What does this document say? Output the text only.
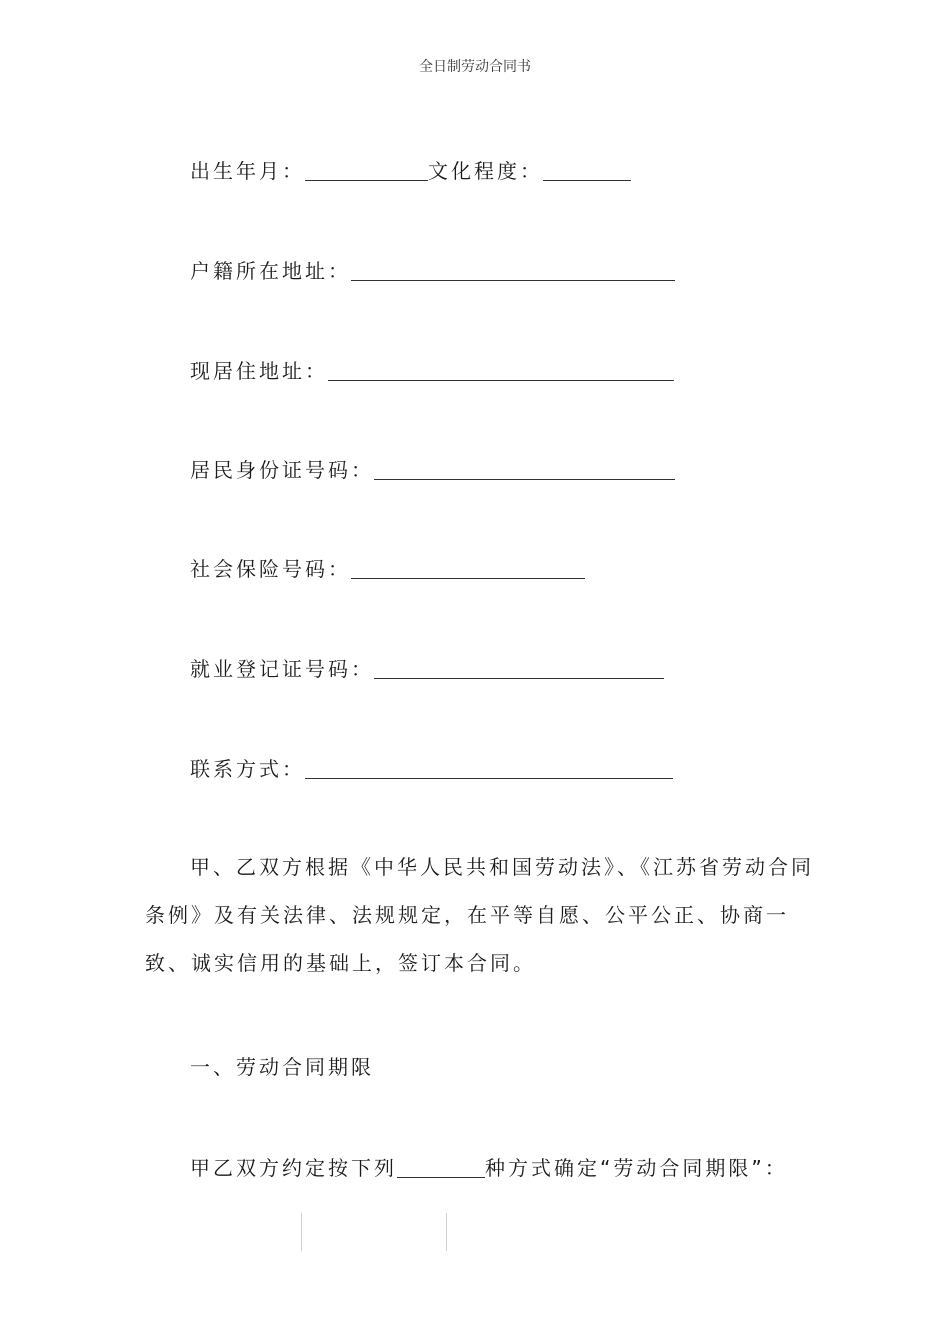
全日制劳动合同书
出生年月：	文化程度：
户籍所在地址：
现居住地址：
居民身份证号码：
社会保险号码：
就业登记证号码：
联系方式：
甲、乙双方根据《中华人民共和国劳动法》、《江苏省劳动合同条例》及有关法律、法规规定，在平等自愿、公平公正、协商一致、诚实信用的基础上，签订本合同。
一、劳动合同期限
甲乙双方约定按下列	种方式确定“劳动合同期限”：
